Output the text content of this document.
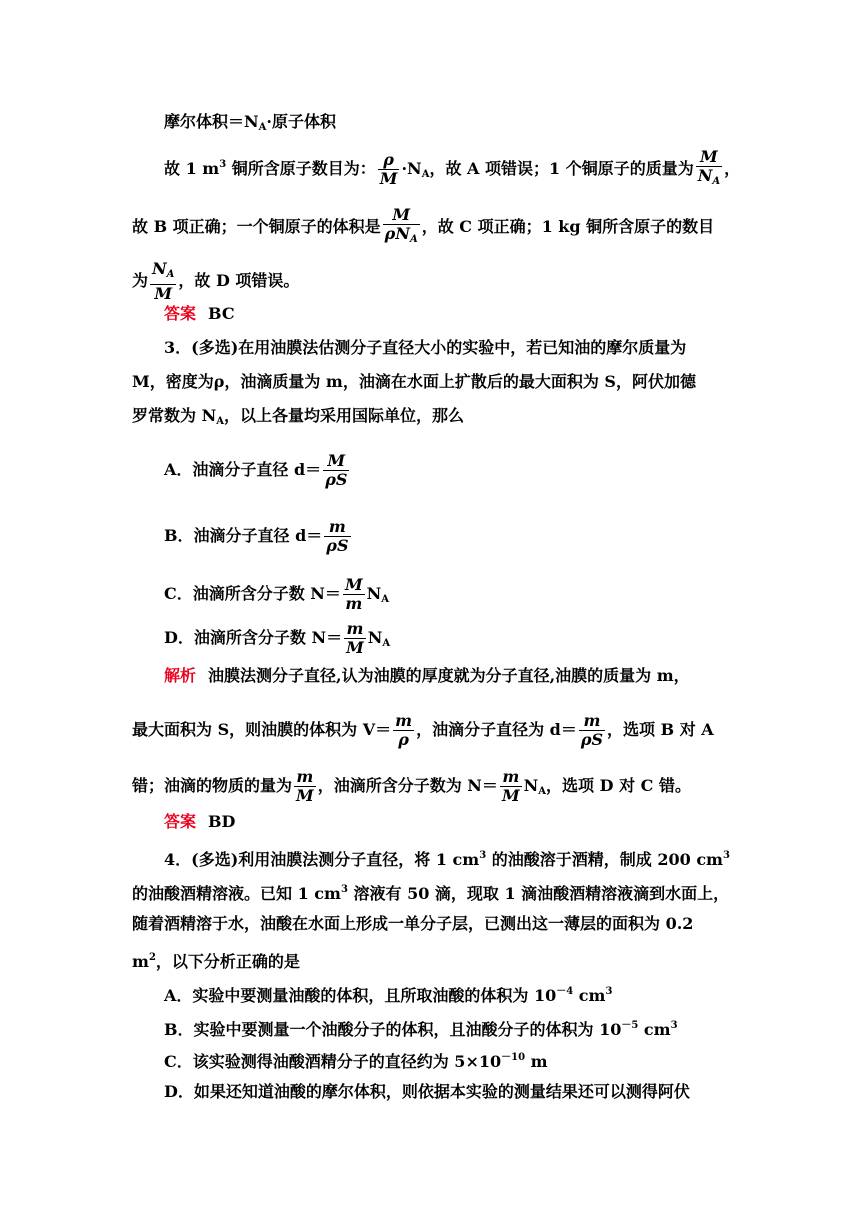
摩尔体积$=N_A\cdot$原子体积
故 1 $m^3$ 铜所含原子数目为： $\frac{\rho}{M} \cdot N_A$，故 A 项错误；1 个铜原子的质量为 $\frac{M}{N_A}$ ，
故 B 项正确；一个铜原子的体积是 $\frac{M}{\rho N_A}$ ，故 C 项正确；1 kg 铜所含原子的数目
为 $\frac{N_A}{M}$ ，故 D 项错误。
答案 BC
3．(多选)在用油膜法估测分子直径大小的实验中，若已知油的摩尔质量为
M，密度为ρ，油滴质量为 m，油滴在水面上扩散后的最大面积为 S，阿伏加德
罗常数为 $N_A$，以上各量均采用国际单位，那么
A．油滴分子直径 $d= \frac{M}{\rho S}$
B．油滴分子直径 $d= \frac{m}{\rho S}$
C．油滴所含分子数 $N= \frac{M}{m} N_A$
D．油滴所含分子数 $N= \frac{m}{M} N_A$
解析 油膜法测分子直径,认为油膜的厚度就为分子直径,油膜的质量为 m，
最大面积为 S，则油膜的体积为 $V= \frac{m}{\rho}$ ，油滴分子直径为 $d= \frac{m}{\rho S}$ ，选项 B 对 A
错；油滴的物质的量为 $\frac{m}{M}$ ，油滴所含分子数为 $N= \frac{m}{M} N_A$，选项 D 对 C 错。
答案 BD
4．(多选)利用油膜法测分子直径，将 1 $cm^3$ 的油酸溶于酒精，制成 200 $cm^3$
的油酸酒精溶液。已知 1 $cm^3$ 溶液有 50 滴，现取 1 滴油酸酒精溶液滴到水面上，
随着酒精溶于水，油酸在水面上形成一单分子层，已测出这一薄层的面积为 0.2
$m^2$，以下分析正确的是
A．实验中要测量油酸的体积，且所取油酸的体积为 $10^{-4}$ $cm^3$
B．实验中要测量一个油酸分子的体积，且油酸分子的体积为 $10^{-5}$ $cm^3$
C．该实验测得油酸酒精分子的直径约为 $5\times 10^{-10}$ m
D．如果还知道油酸的摩尔体积，则依据本实验的测量结果还可以测得阿伏
